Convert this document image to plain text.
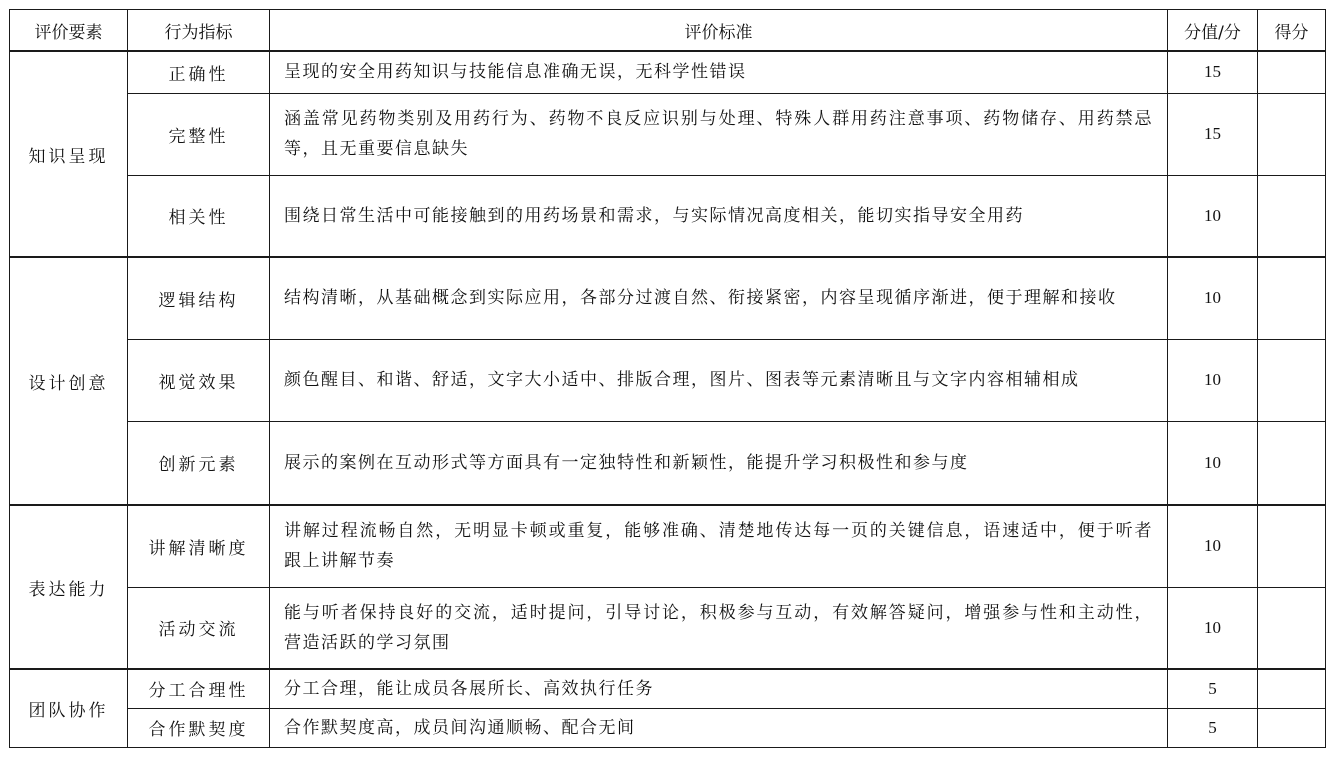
评价要素	行为指标	评价标准	分值/分	得分
知识呈现	正确性	呈现的安全用药知识与技能信息准确无误，无科学性错误	15	
	完整性	涵盖常见药物类别及用药行为、药物不良反应识别与处理、特殊人群用药注意事项、药物储存、用药禁忌等，且无重要信息缺失	15	
	相关性	围绕日常生活中可能接触到的用药场景和需求，与实际情况高度相关，能切实指导安全用药	10	
设计创意	逻辑结构	结构清晰，从基础概念到实际应用，各部分过渡自然、衔接紧密，内容呈现循序渐进，便于理解和接收	10	
	视觉效果	颜色醒目、和谐、舒适，文字大小适中、排版合理，图片、图表等元素清晰且与文字内容相辅相成	10	
	创新元素	展示的案例在互动形式等方面具有一定独特性和新颖性，能提升学习积极性和参与度	10	
表达能力	讲解清晰度	讲解过程流畅自然，无明显卡顿或重复，能够准确、清楚地传达每一页的关键信息，语速适中，便于听者跟上讲解节奏	10	
	活动交流	能与听者保持良好的交流，适时提问，引导讨论，积极参与互动，有效解答疑问，增强参与性和主动性，营造活跃的学习氛围	10	
团队协作	分工合理性	分工合理，能让成员各展所长、高效执行任务	5	
	合作默契度	合作默契度高，成员间沟通顺畅、配合无间	5	
